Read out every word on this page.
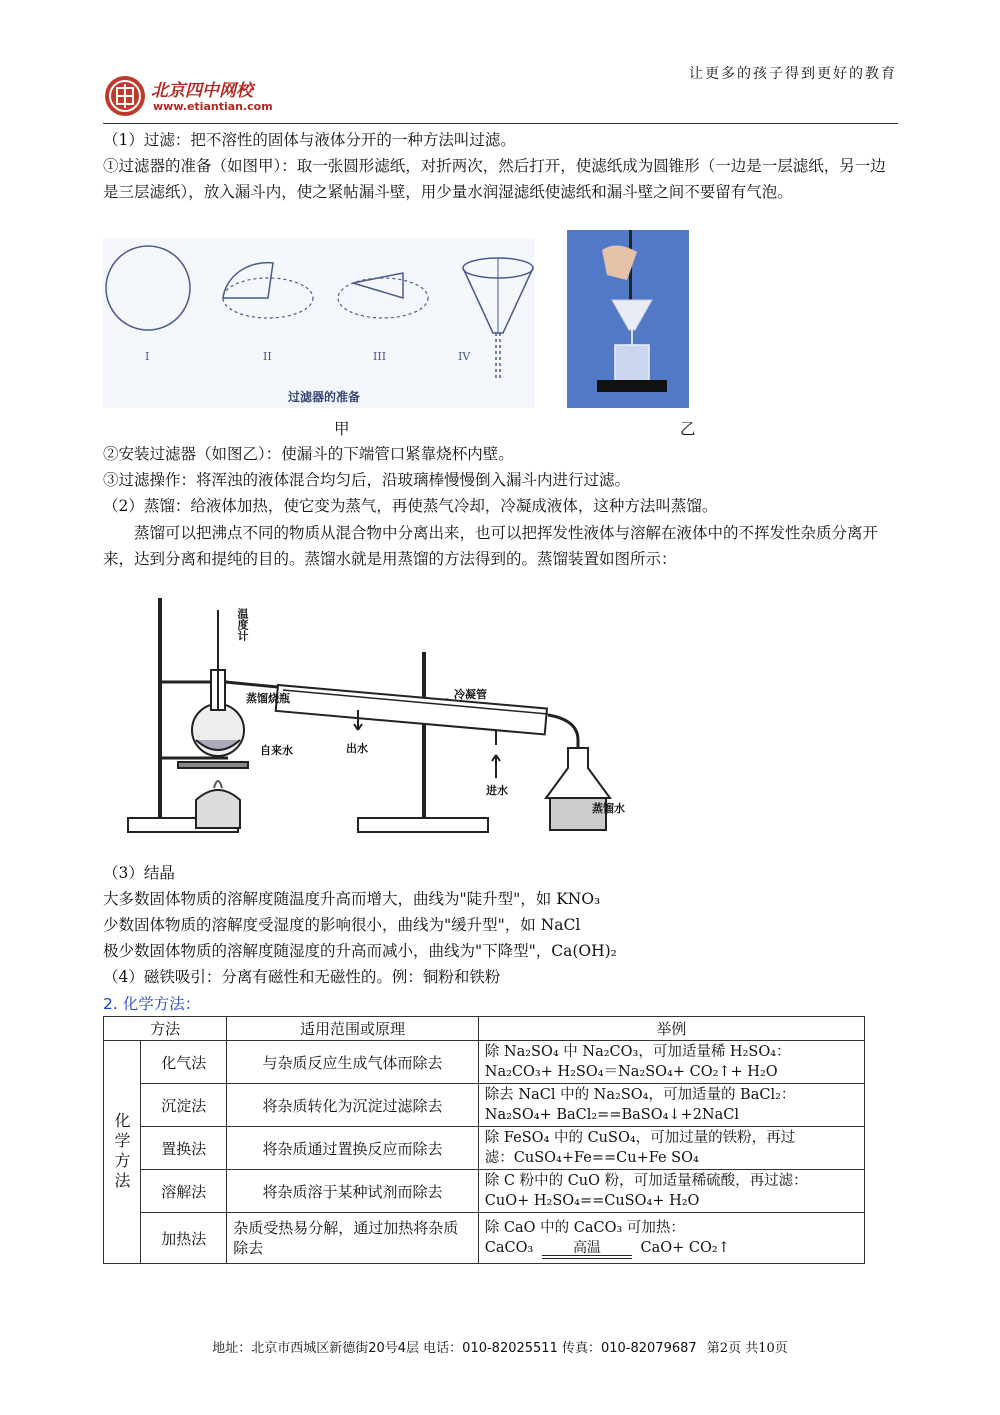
让更多的孩子得到更好的教育
北京四中网校
www.etiantian.com
（1）过滤：把不溶性的固体与液体分开的一种方法叫过滤。
①过滤器的准备（如图甲）：取一张圆形滤纸，对折两次，然后打开，使滤纸成为圆锥形（一边是一层滤纸，另一边是三层滤纸），放入漏斗内，使之紧帖漏斗壁，用少量水润湿滤纸使滤纸和漏斗壁之间不要留有气泡。
I	II	III	IV
过滤器的准备
甲	乙
②安装过滤器（如图乙）：使漏斗的下端管口紧靠烧杯内壁。
③过滤操作：将浑浊的液体混合均匀后，沿玻璃棒慢慢倒入漏斗内进行过滤。
（2）蒸馏：给液体加热，使它变为蒸气，再使蒸气冷却，冷凝成液体，这种方法叫蒸馏。
蒸馏可以把沸点不同的物质从混合物中分离出来，也可以把挥发性液体与溶解在液体中的不挥发性杂质分离开来，达到分离和提纯的目的。蒸馏水就是用蒸馏的方法得到的。蒸馏装置如图所示：
温度计
蒸馏烧瓶
自来水
冷凝管
出水
进水
蒸馏水
（3）结晶
大多数固体物质的溶解度随温度升高而增大，曲线为"陡升型"，如 KNO₃
少数固体物质的溶解度受湿度的影响很小，曲线为"缓升型"，如 NaCl
极少数固体物质的溶解度随湿度的升高而减小，曲线为"下降型"，Ca(OH)₂
（4）磁铁吸引：分离有磁性和无磁性的。例：铜粉和铁粉
2. 化学方法：
方法		适用范围或原理	举例

化学方法	化气法	与杂质反应生成气体而除去	除 Na₂SO₄ 中 Na₂CO₃，可加适量稀 H₂SO₄：
Na₂CO₃+ H₂SO₄＝Na₂SO₄+ CO₂↑+ H₂O

	沉淀法	将杂质转化为沉淀过滤除去	除去 NaCl 中的 Na₂SO₄，可加适量的 BaCl₂：
Na₂SO₄+ BaCl₂==BaSO₄↓+2NaCl

	置换法	将杂质通过置换反应而除去	除 FeSO₄ 中的 CuSO₄，可加过量的铁粉，再过
滤：CuSO₄+Fe==Cu+Fe SO₄

	溶解法	将杂质溶于某种试剂而除去	除 C 粉中的 CuO 粉，可加适量稀硫酸，再过滤：
CuO+ H₂SO₄==CuSO₄+ H₂O

	加热法	杂质受热易分解，通过加热将杂质除去	除 CaO 中的 CaCO₃ 可加热：
CaCO₃ 高温 CaO+ CO₂↑
地址：北京市西城区新德街20号4层 电话：010-82025511 传真：010-82079687 第2页 共10页
